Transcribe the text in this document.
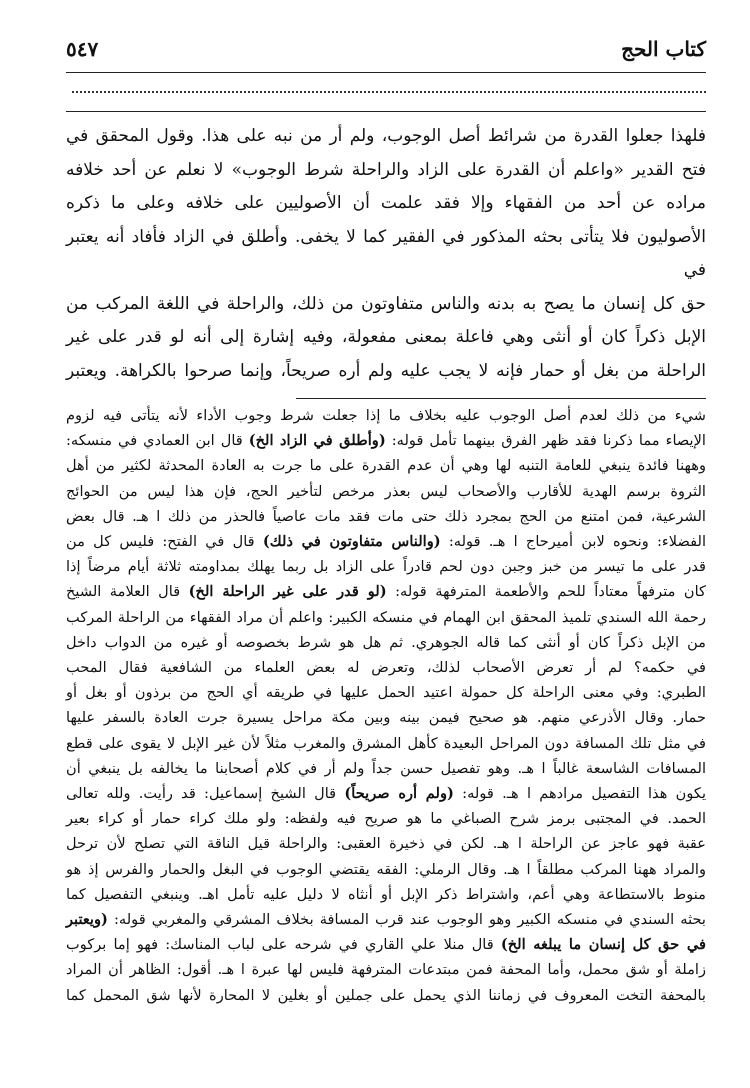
كتاب الحج
٥٤٧

فلهذا جعلوا القدرة من شرائط أصل الوجوب، ولم أر من نبه على هذا. وقول المحقق في

فتح القدير «واعلم أن القدرة على الزاد والراحلة شرط الوجوب» لا نعلم عن أحد خلافه

مراده عن أحد من الفقهاء وإلا فقد علمت أن الأصوليين على خلافه وعلى ما ذكره

الأصوليون فلا يتأتى بحثه المذكور في الفقير كما لا يخفى. وأطلق في الزاد فأفاد أنه يعتبر في

حق كل إنسان ما يصح به بدنه والناس متفاوتون من ذلك، والراحلة في اللغة المركب من

الإبل ذكراً كان أو أنثى وهي فاعلة بمعنى مفعولة، وفيه إشارة إلى أنه لو قدر على غير

الراحلة من بغل أو حمار فإنه لا يجب عليه ولم أره صريحاً، وإنما صرحوا بالكراهة. ويعتبر

شيء من ذلك لعدم أصل الوجوب عليه بخلاف ما إذا جعلت شرط وجوب الأداء لأنه يتأتى فيه لزوم

الإيصاء مما ذكرنا فقد ظهر الفرق بينهما تأمل قوله: (وأطلق في الزاد الخ) قال ابن العمادي في منسكه:

وههنا فائدة ينبغي للعامة التنبه لها وهي أن عدم القدرة على ما جرت به العادة المحدثة لكثير من أهل

الثروة برسم الهدية للأقارب والأصحاب ليس بعذر مرخص لتأخير الحج، فإن هذا ليس من الحوائج

الشرعية، فمن امتنع من الحج بمجرد ذلك حتى مات فقد مات عاصياً فالحذر من ذلك ا هـ. قال بعض

الفضلاء: ونحوه لابن أميرحاج ا هـ. قوله: (والناس متفاوتون في ذلك) قال في الفتح: فليس كل من

قدر على ما تيسر من خبز وجبن دون لحم قادراً على الزاد بل ربما يهلك بمداومته ثلاثة أيام مرضاً إذا

كان مترفهاً معتاداً للحم والأطعمة المترفهة قوله: (لو قدر على غير الراحلة الخ) قال العلامة الشيخ

رحمة الله السندي تلميذ المحقق ابن الهمام في منسكه الكبير: واعلم أن مراد الفقهاء من الراحلة المركب

من الإبل ذكراً كان أو أنثى كما قاله الجوهري. ثم هل هو شرط بخصوصه أو غيره من الدواب داخل

في حكمه؟ لم أر تعرض الأصحاب لذلك، وتعرض له بعض العلماء من الشافعية فقال المحب

الطبري: وفي معنى الراحلة كل حمولة اعتيد الحمل عليها في طريقه أي الحج من برذون أو بغل أو

حمار. وقال الأذرعي منهم. هو صحيح فيمن بينه وبين مكة مراحل يسيرة جرت العادة بالسفر عليها

في مثل تلك المسافة دون المراحل البعيدة كأهل المشرق والمغرب مثلاً لأن غير الإبل لا يقوى على قطع

المسافات الشاسعة غالباً ا هـ. وهو تفصيل حسن جداً ولم أر في كلام أصحابنا ما يخالفه بل ينبغي أن

يكون هذا التفصيل مرادهم ا هـ. قوله: (ولم أره صريحاً) قال الشيخ إسماعيل: قد رأيت. ولله تعالى

الحمد. في المجتبى برمز شرح الصباغي ما هو صريح فيه ولفظه: ولو ملك كراء حمار أو كراء بعير

عقبة فهو عاجز عن الراحلة ا هـ. لكن في ذخيرة العقبى: والراحلة قيل الناقة التي تصلح لأن ترحل

والمراد ههنا المركب مطلقاً ا هـ. وقال الرملي: الفقه يقتضي الوجوب في البغل والحمار والفرس إذ هو

منوط بالاستطاعة وهي أعم، واشتراط ذكر الإبل أو أنثاه لا دليل عليه تأمل اهـ. وينبغي التفصيل كما

بحثه السندي في منسكه الكبير وهو الوجوب عند قرب المسافة بخلاف المشرقي والمغربي قوله: (ويعتبر

في حق كل إنسان ما يبلغه الخ) قال منلا علي القاري في شرحه على لباب المناسك: فهو إما بركوب

زاملة أو شق محمل، وأما المحفة فمن مبتدعات المترفهة فليس لها عبرة ا هـ. أقول: الظاهر أن المراد

بالمحفة التخت المعروف في زماننا الذي يحمل على جملين أو بغلين لا المحارة لأنها شق المحمل كما
